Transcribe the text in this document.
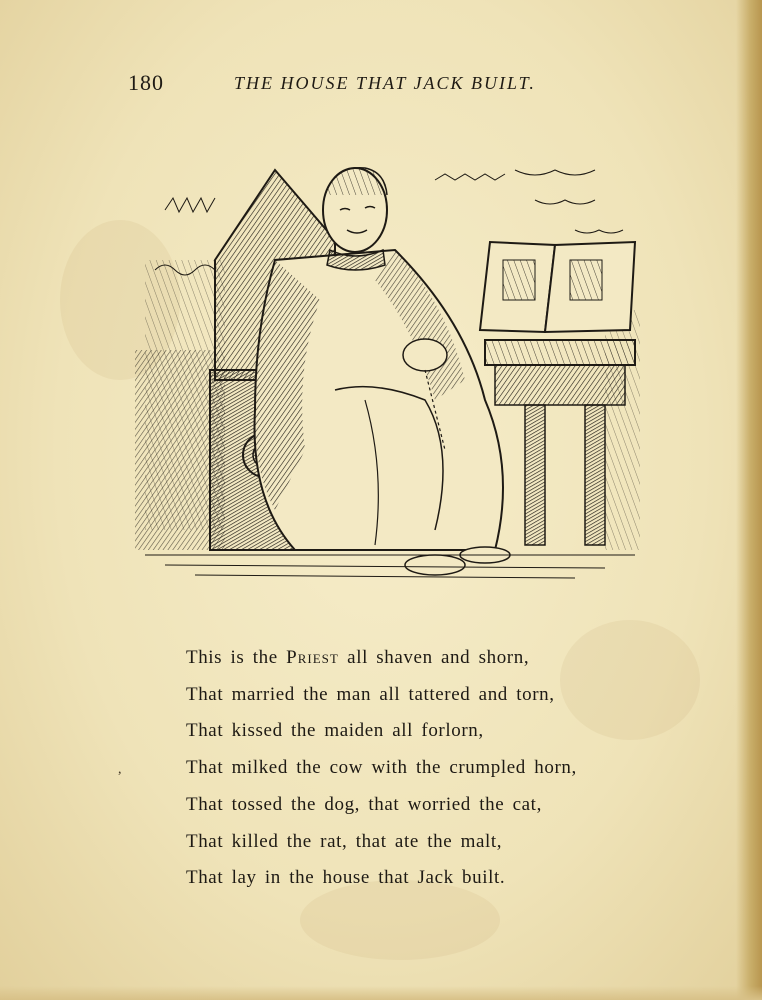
180	THE HOUSE THAT JACK BUILT.
This is the Priest all shaven and shorn,
That married the man all tattered and torn,
That kissed the maiden all forlorn,
That milked the cow with the crumpled horn,
That tossed the dog, that worried the cat,
That killed the rat, that ate the malt,
That lay in the house that Jack built.
,
